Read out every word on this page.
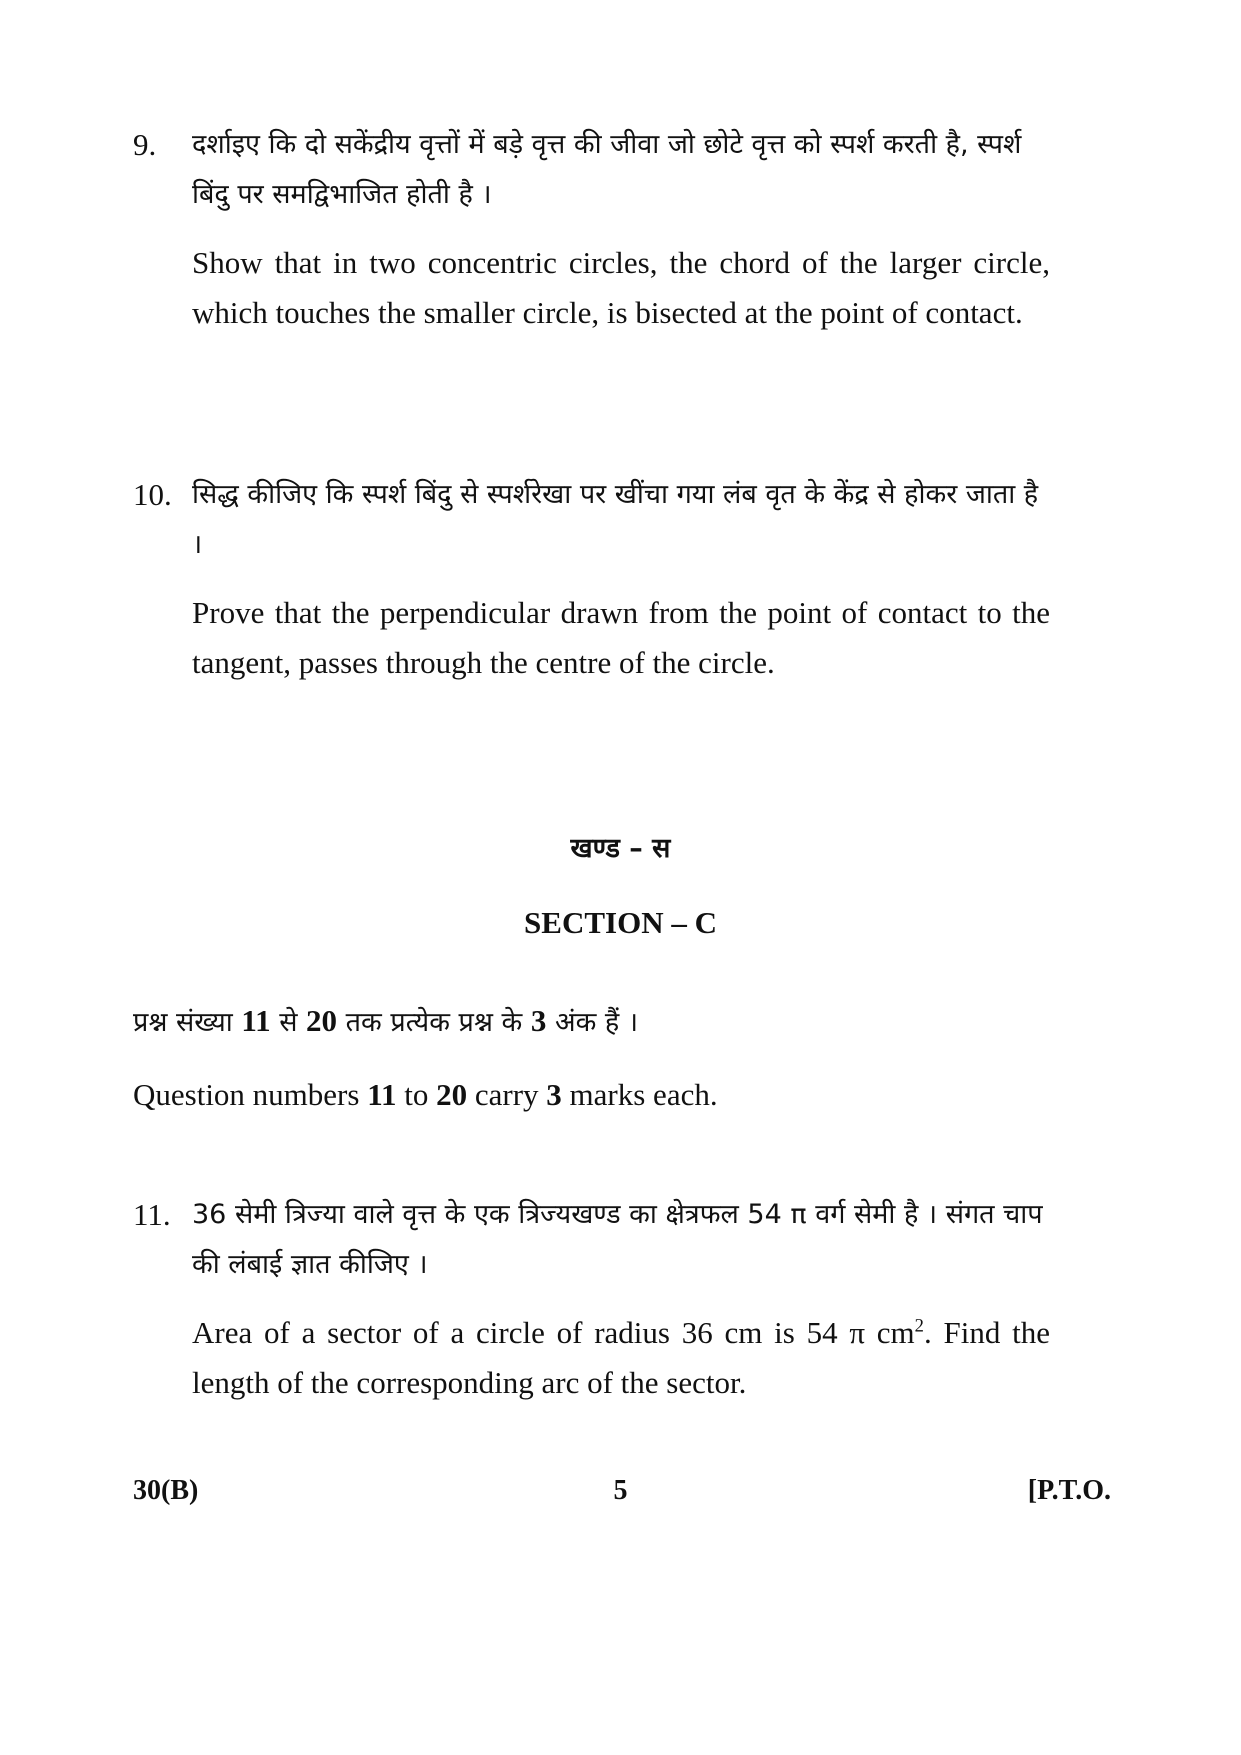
9. दर्शाइए कि दो सकेंद्रीय वृत्तों में बड़े वृत्त की जीवा जो छोटे वृत्त को स्पर्श करती है, स्पर्श बिंदु पर समद्विभाजित होती है ।

Show that in two concentric circles, the chord of the larger circle, which touches the smaller circle, is bisected at the point of contact.

10. सिद्ध कीजिए कि स्पर्श बिंदु से स्पर्शरेखा पर खींचा गया लंब वृत के केंद्र से होकर जाता है ।

Prove that the perpendicular drawn from the point of contact to the tangent, passes through the centre of the circle.

खण्ड – स
SECTION – C

प्रश्न संख्या 11 से 20 तक प्रत्येक प्रश्न के 3 अंक हैं ।

Question numbers 11 to 20 carry 3 marks each.

11. 36 सेमी त्रिज्या वाले वृत्त के एक त्रिज्यखण्ड का क्षेत्रफल 54 π वर्ग सेमी है । संगत चाप की लंबाई ज्ञात कीजिए ।

Area of a sector of a circle of radius 36 cm is 54 π $cm^2$. Find the length of the corresponding arc of the sector.

30(B)	5	[P.T.O.
